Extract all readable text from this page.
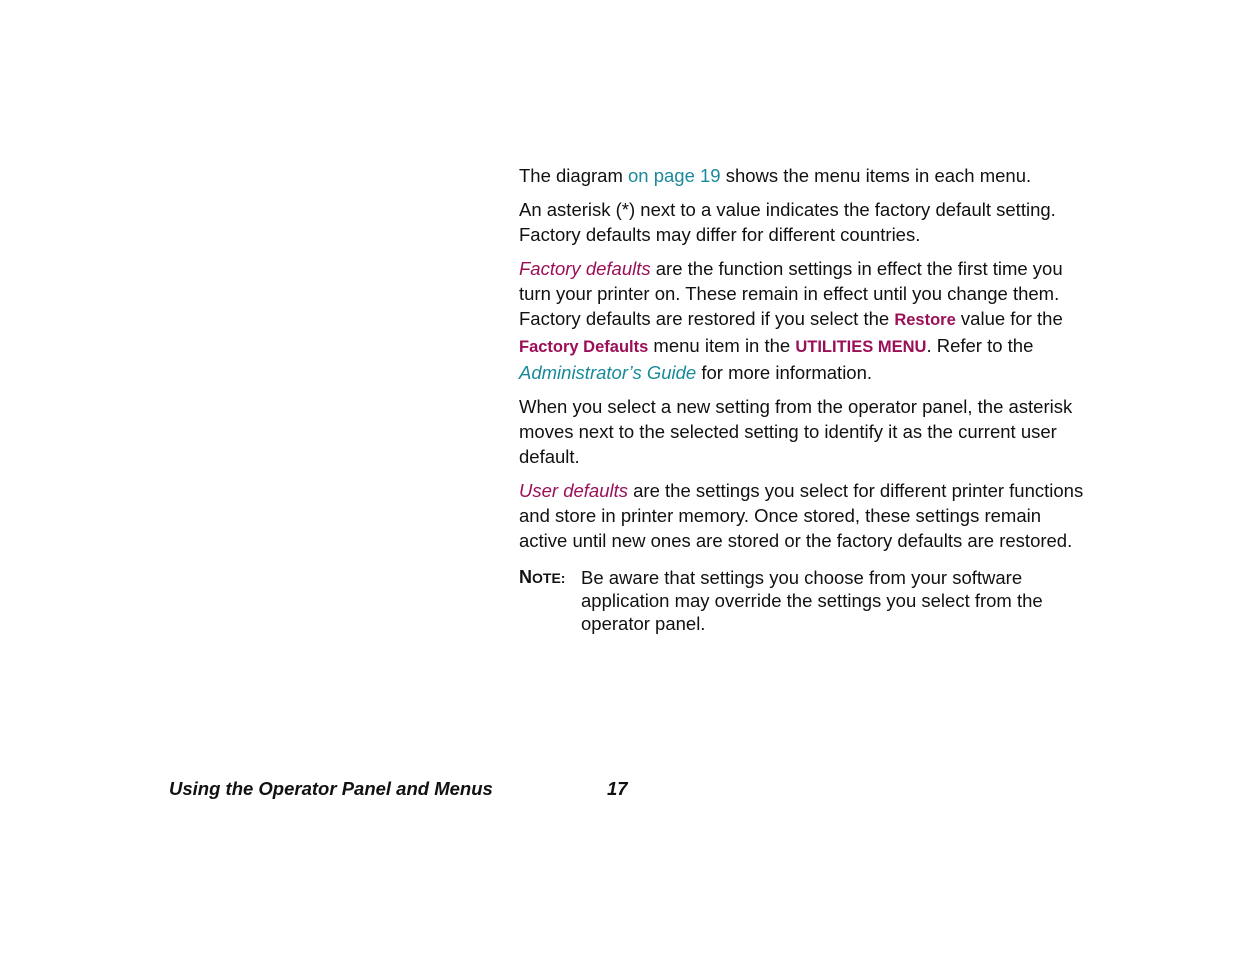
The diagram on page 19 shows the menu items in each menu.

An asterisk (*) next to a value indicates the factory default setting. Factory defaults may differ for different countries.

Factory defaults are the function settings in effect the first time you turn your printer on. These remain in effect until you change them. Factory defaults are restored if you select the Restore value for the Factory Defaults menu item in the UTILITIES MENU. Refer to the Administrator’s Guide for more information.

When you select a new setting from the operator panel, the asterisk moves next to the selected setting to identify it as the current user default.

User defaults are the settings you select for different printer functions and store in printer memory. Once stored, these settings remain active until new ones are stored or the factory defaults are restored.

NOTE: Be aware that settings you choose from your software application may override the settings you select from the operator panel.
Using the Operator Panel and Menus	17
